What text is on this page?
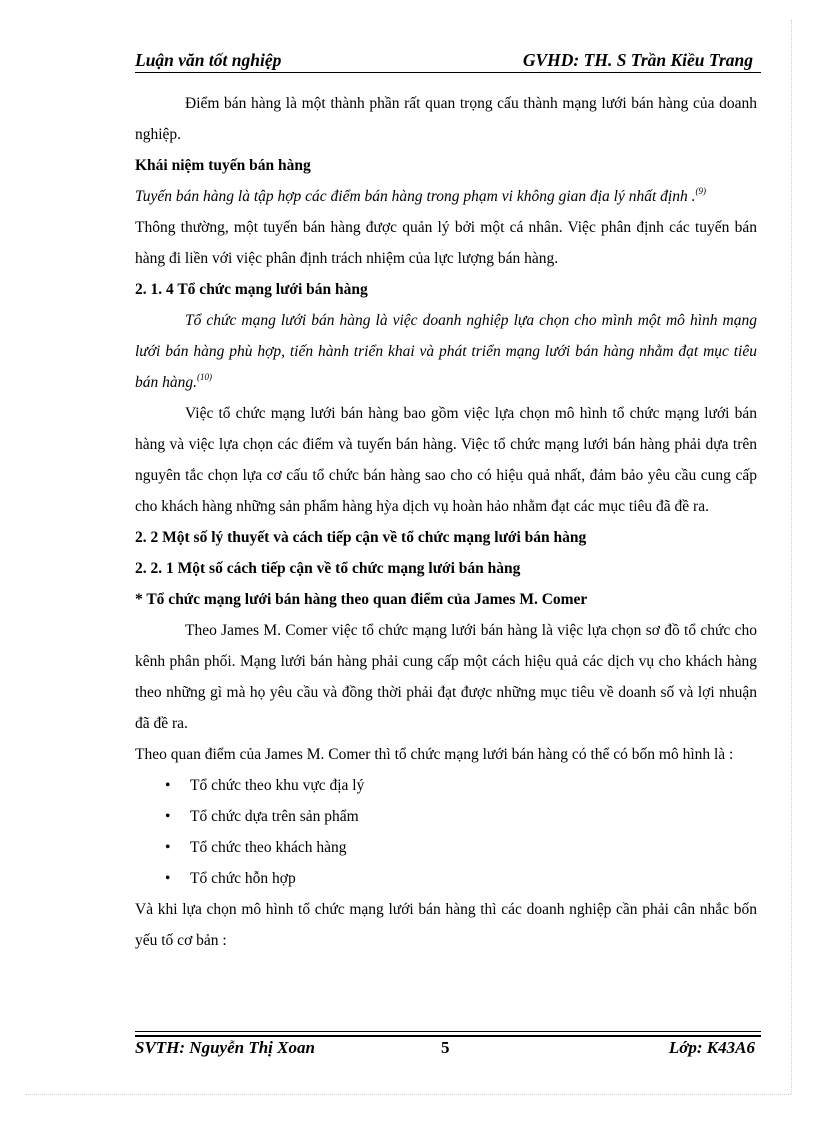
Luận văn tốt nghiệp	GVHD: TH. S Trần Kiều Trang

Điểm bán hàng là một thành phần rất quan trọng cấu thành mạng lưới bán hàng của doanh nghiệp.

Khái niệm tuyến bán hàng

Tuyến bán hàng là tập hợp các điểm bán hàng trong phạm vi không gian địa lý nhất định .$^{(9)}$

Thông thường, một tuyến bán hàng được quản lý bởi một cá nhân. Việc phân định các tuyến bán hàng đi liền với việc phân định trách nhiệm của lực lượng bán hàng.

2. 1. 4 Tổ chức mạng lưới bán hàng

Tổ chức mạng lưới bán hàng là việc doanh nghiệp lựa chọn cho mình một mô hình mạng lưới bán hàng phù hợp, tiến hành triển khai và phát triển mạng lưới bán hàng nhằm đạt mục tiêu bán hàng.$^{(10)}$

Việc tổ chức mạng lưới bán hàng bao gồm việc lựa chọn mô hình tổ chức mạng lưới bán hàng và việc lựa chọn các điểm và tuyến bán hàng. Việc tổ chức mạng lưới bán hàng phải dựa trên nguyên tắc chọn lựa cơ cấu tổ chức bán hàng sao cho có hiệu quả nhất, đảm bảo yêu cầu cung cấp cho khách hàng những sản phẩm hàng hỳa dịch vụ hoàn hảo nhằm đạt các mục tiêu đã đề ra.

2. 2 Một số lý thuyết và cách tiếp cận về tổ chức mạng lưới bán hàng

2. 2. 1 Một số cách tiếp cận về tổ chức mạng lưới bán hàng

* Tổ chức mạng lưới bán hàng theo quan điểm của James M. Comer

Theo James M. Comer việc tổ chức mạng lưới bán hàng là việc lựa chọn sơ đồ tổ chức cho kênh phân phối. Mạng lưới bán hàng phải cung cấp một cách hiệu quả các dịch vụ cho khách hàng theo những gì mà họ yêu cầu và đồng thời phải đạt được những mục tiêu về doanh số và lợi nhuận đã đề ra.

Theo quan điểm của James M. Comer thì tổ chức mạng lưới bán hàng có thể có bốn mô hình là :

• Tổ chức theo khu vực địa lý
• Tổ chức dựa trên sản phẩm
• Tổ chức theo khách hàng
• Tổ chức hỗn hợp

Và khi lựa chọn mô hình tổ chức mạng lưới bán hàng thì các doanh nghiệp cần phải cân nhắc bốn yếu tố cơ bản :

SVTH: Nguyễn Thị Xoan	5	Lớp: K43A6
